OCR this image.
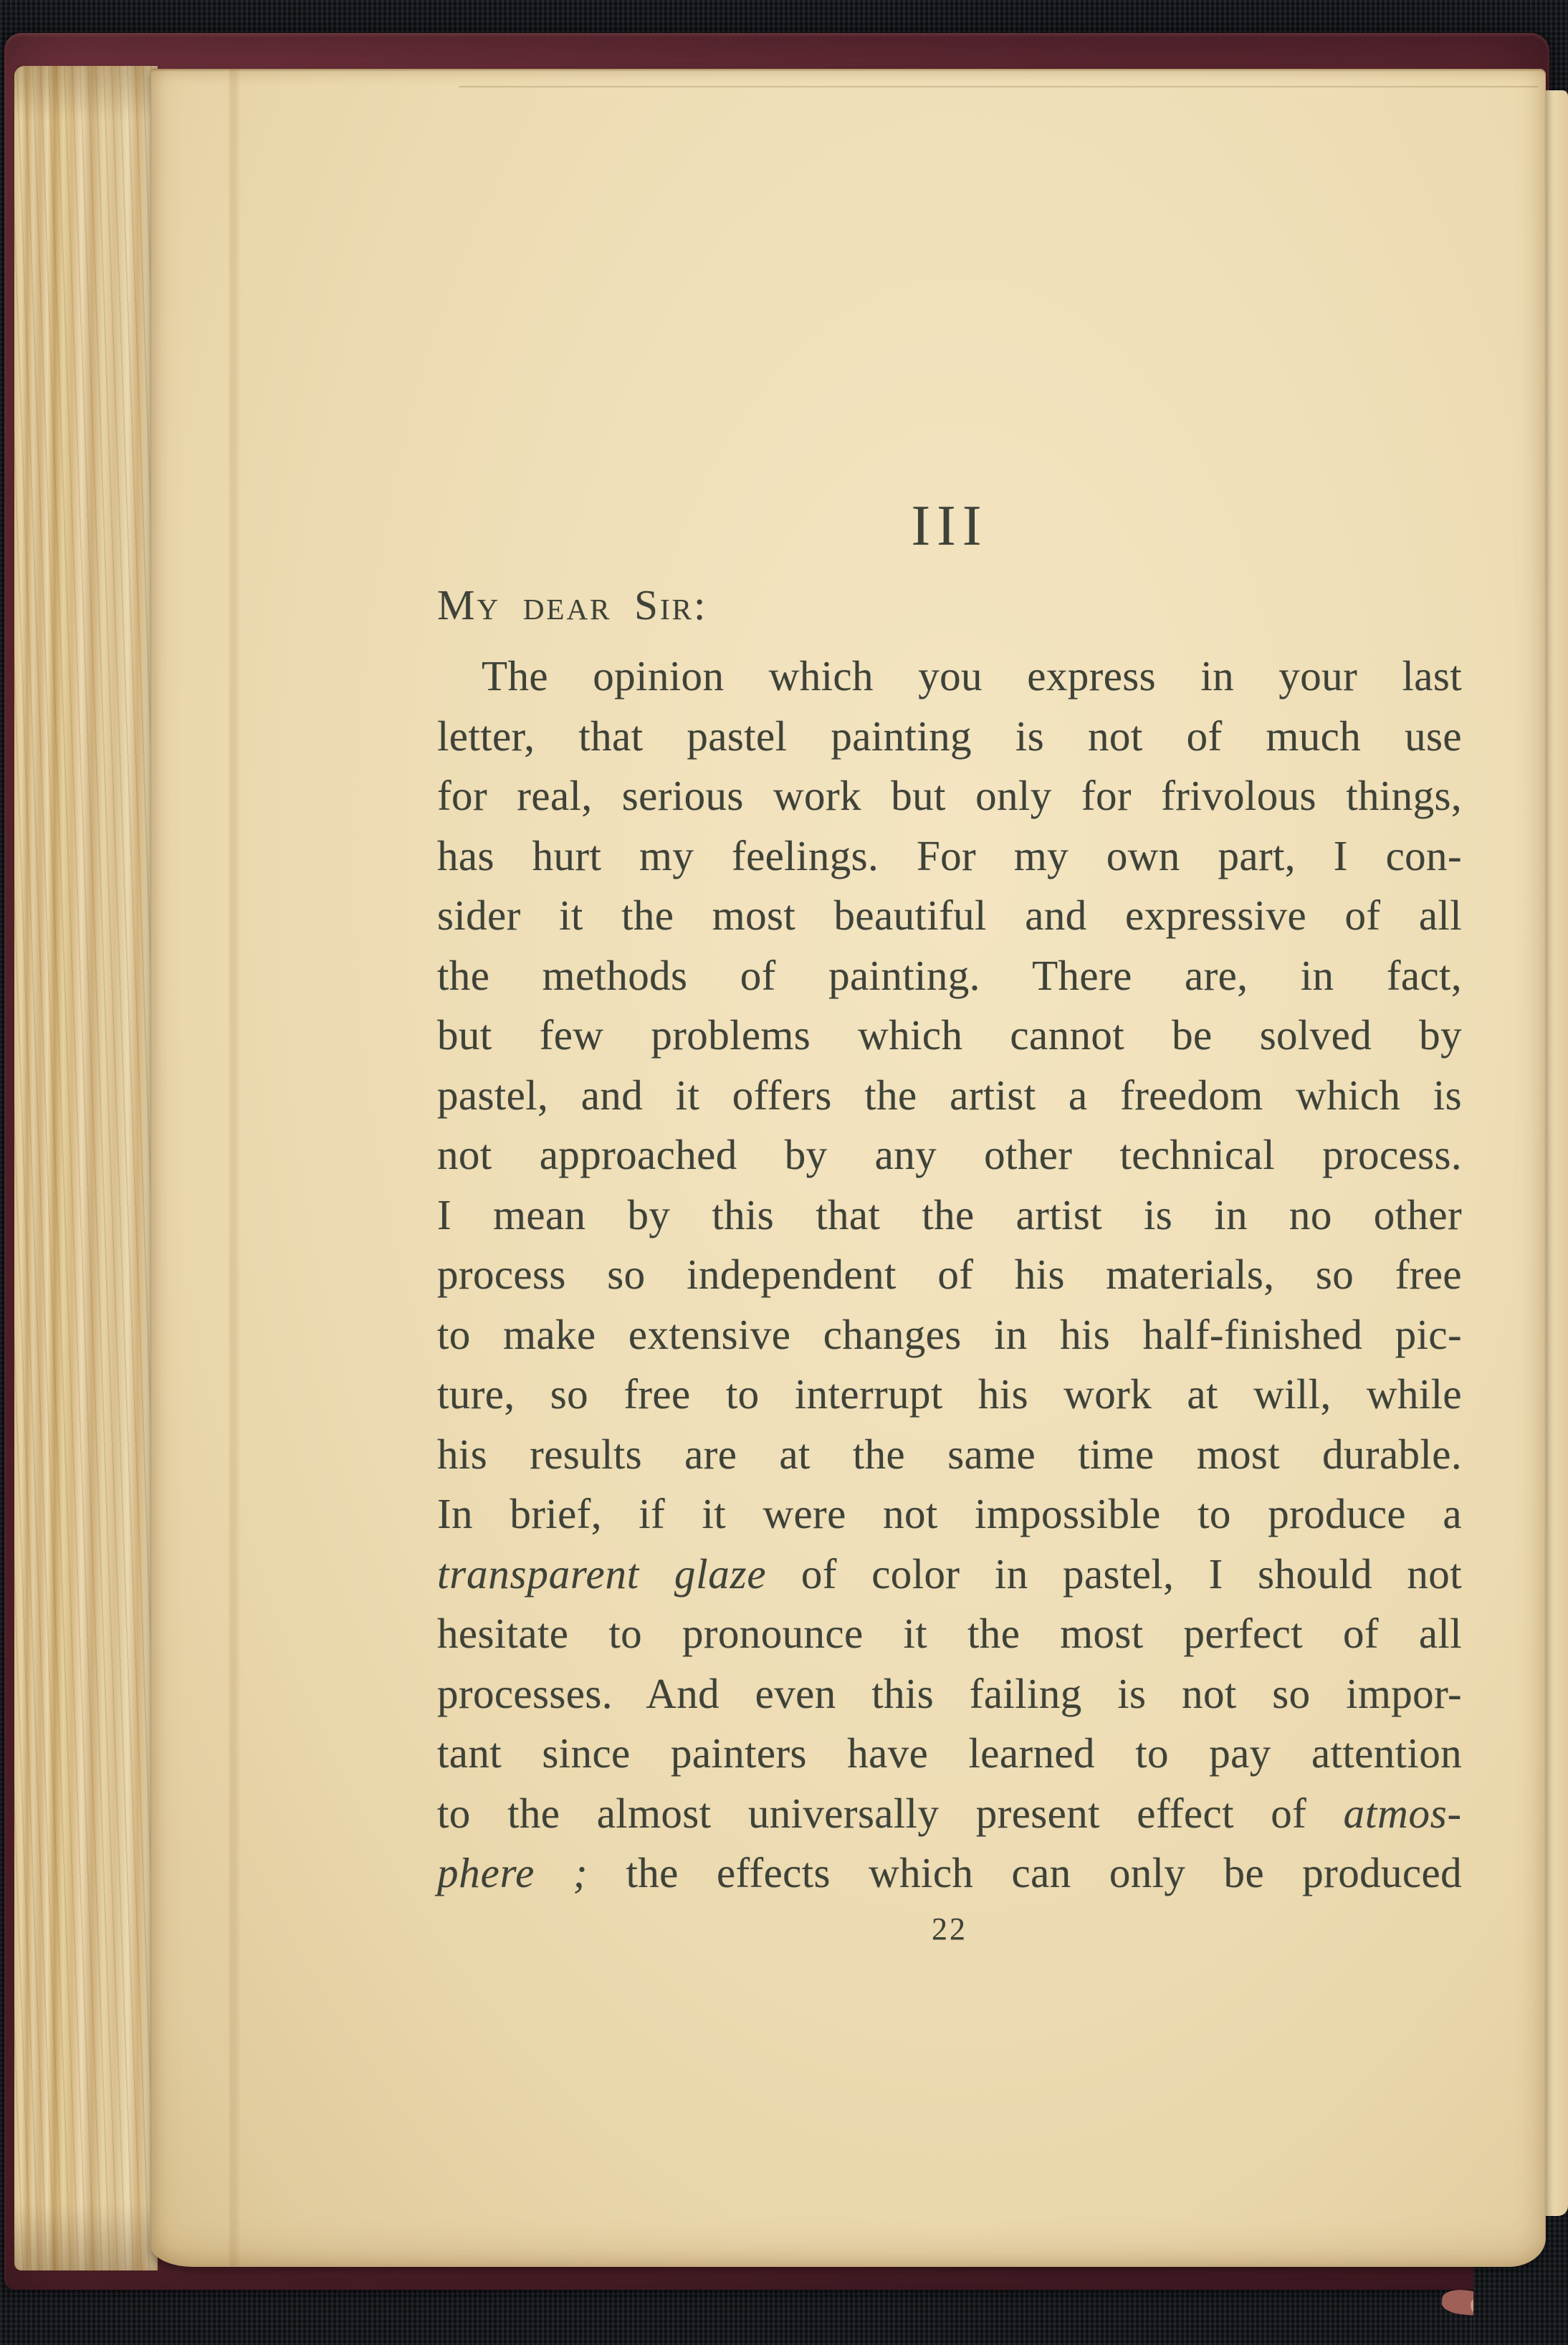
III
My dear Sir:
The opinion which you express in your last
letter, that pastel painting is not of much use
for real, serious work but only for frivolous things,
has hurt my feelings. For my own part, I con-
sider it the most beautiful and expressive of all
the methods of painting. There are, in fact,
but few problems which cannot be solved by
pastel, and it offers the artist a freedom which is
not approached by any other technical process.
I mean by this that the artist is in no other
process so independent of his materials, so free
to make extensive changes in his half-finished pic-
ture, so free to interrupt his work at will, while
his results are at the same time most durable.
In brief, if it were not impossible to produce a
transparent glaze of color in pastel, I should not
hesitate to pronounce it the most perfect of all
processes. And even this failing is not so impor-
tant since painters have learned to pay attention
to the almost universally present effect of atmos-
phere ; the effects which can only be produced
22
